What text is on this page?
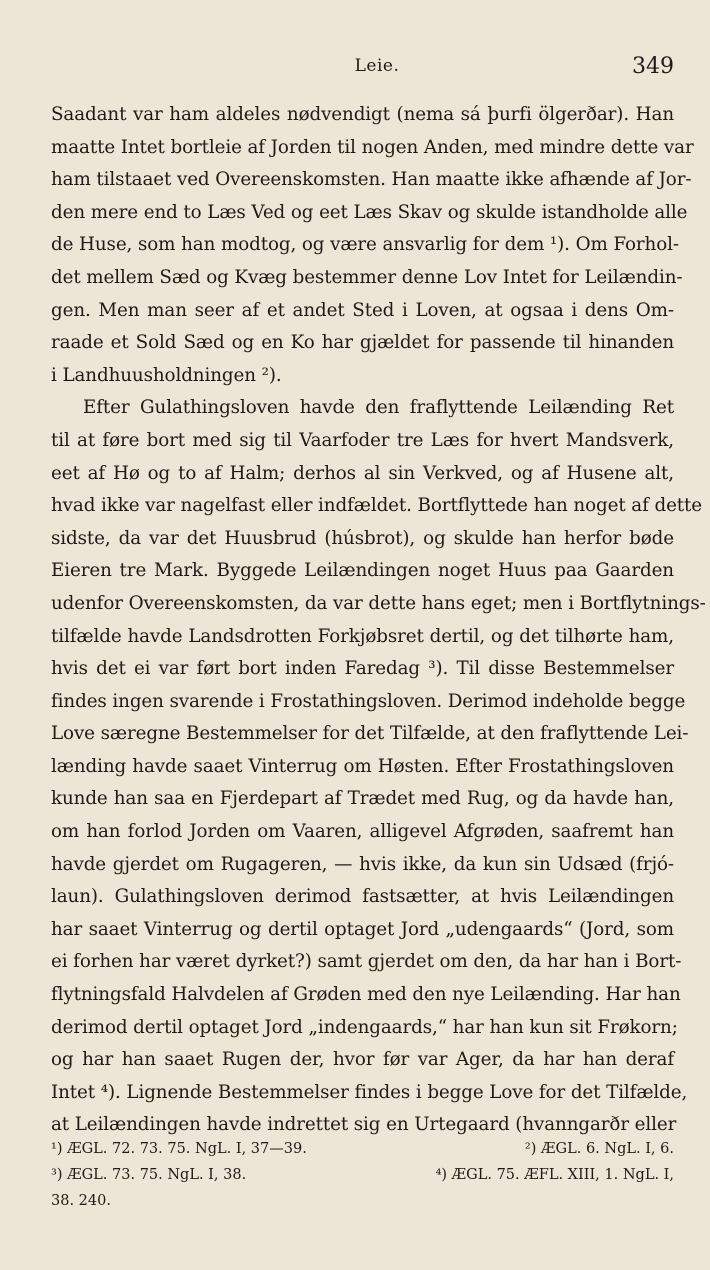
Leie.	349
Saadant var ham aldeles nødvendigt (nema sá þurfi ölgerðar). Han
maatte Intet bortleie af Jorden til nogen Anden, med mindre dette var
ham tilstaaet ved Overeenskomsten. Han maatte ikke afhænde af Jor-
den mere end to Læs Ved og eet Læs Skav og skulde istandholde alle
de Huse, som han modtog, og være ansvarlig for dem ¹). Om Forhol-
det mellem Sæd og Kvæg bestemmer denne Lov Intet for Leilændin-
gen. Men man seer af et andet Sted i Loven, at ogsaa i dens Om-
raade et Sold Sæd og en Ko har gjældet for passende til hinanden
i Landhuusholdningen ²).
Efter Gulathingsloven havde den fraflyttende Leilænding Ret
til at føre bort med sig til Vaarfoder tre Læs for hvert Mandsverk,
eet af Hø og to af Halm; derhos al sin Verkved, og af Husene alt,
hvad ikke var nagelfast eller indfældet. Bortflyttede han noget af dette
sidste, da var det Huusbrud (húsbrot), og skulde han herfor bøde
Eieren tre Mark. Byggede Leilændingen noget Huus paa Gaarden
udenfor Overeenskomsten, da var dette hans eget; men i Bortflytnings-
tilfælde havde Landsdrotten Forkjøbsret dertil, og det tilhørte ham,
hvis det ei var ført bort inden Faredag ³). Til disse Bestemmelser
findes ingen svarende i Frostathingsloven. Derimod indeholde begge
Love særegne Bestemmelser for det Tilfælde, at den fraflyttende Lei-
lænding havde saaet Vinterrug om Høsten. Efter Frostathingsloven
kunde han saa en Fjerdepart af Trædet med Rug, og da havde han,
om han forlod Jorden om Vaaren, alligevel Afgrøden, saafremt han
havde gjerdet om Rugageren, — hvis ikke, da kun sin Udsæd (frjó-
laun). Gulathingsloven derimod fastsætter, at hvis Leilændingen
har saaet Vinterrug og dertil optaget Jord „udengaards“ (Jord, som
ei forhen har været dyrket?) samt gjerdet om den, da har han i Bort-
flytningsfald Halvdelen af Grøden med den nye Leilænding. Har han
derimod dertil optaget Jord „indengaards,“ har han kun sit Frøkorn;
og har han saaet Rugen der, hvor før var Ager, da har han deraf
Intet ⁴). Lignende Bestemmelser findes i begge Love for det Tilfælde,
at Leilændingen havde indrettet sig en Urtegaard (hvanngarðr eller
¹) ÆGL. 72. 73. 75. NgL. I, 37—39.	²) ÆGL. 6. NgL. I, 6.
³) ÆGL. 73. 75. NgL. I, 38.	⁴) ÆGL. 75. ÆFL. XIII, 1. NgL. I,
38. 240.
